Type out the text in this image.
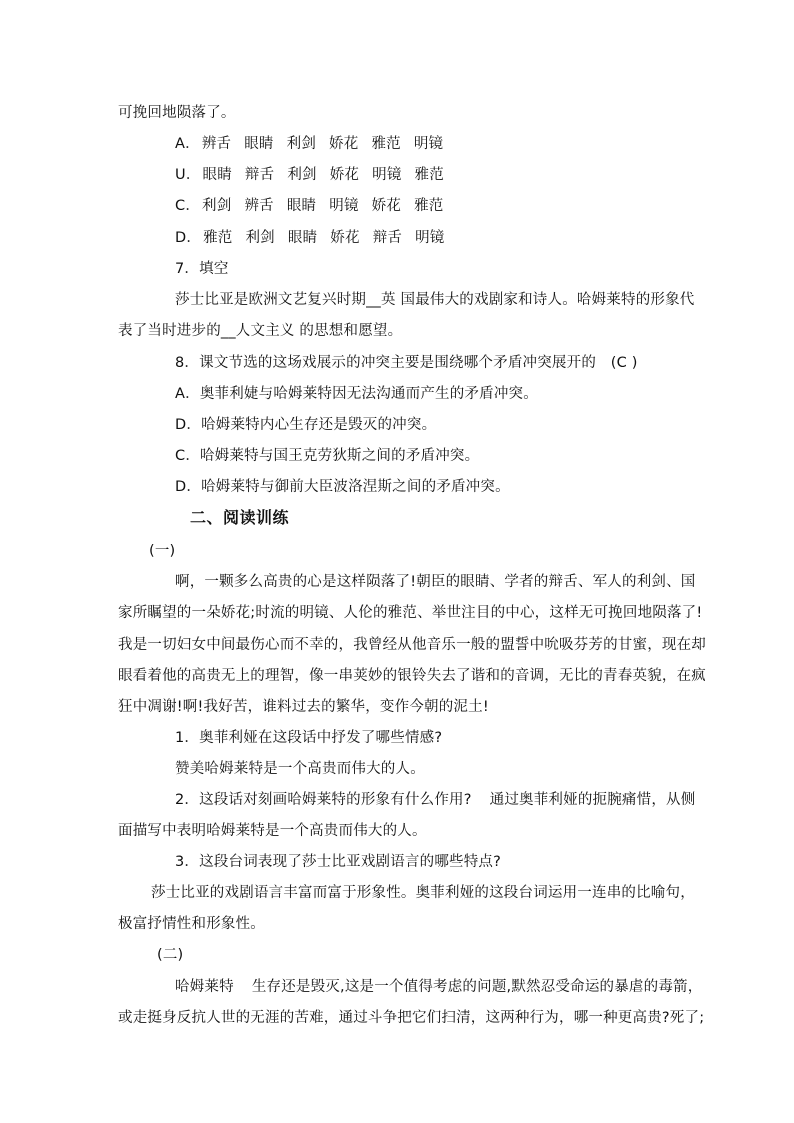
可挽回地陨落了。
A． 辨舌 眼睛 利剑 娇花 雅范 明镜
U． 眼睛 辩舌 利剑 娇花 明镜 雅范
C． 利剑 辨舌 眼睛 明镜 娇花 雅范
D． 雅范 利剑 眼睛 娇花 辩舌 明镜
7．填空
莎士比亚是欧洲文艺复兴时期__英 国最伟大的戏剧家和诗人。哈姆莱特的形象代
表了当时进步的__人文主义 的思想和愿望。
8．课文节选的这场戏展示的冲突主要是围绕哪个矛盾冲突展开的　(C )
A．奥菲利婕与哈姆莱特因无法沟通而产生的矛盾冲突。
D．哈姆莱特内心生存还是毁灭的冲突。
C．哈姆莱特与国王克劳狄斯之间的矛盾冲突。
D．哈姆莱特与御前大臣波洛涅斯之间的矛盾冲突。
二、阅读训练
(一)
啊，一颗多么高贵的心是这样陨落了!朝臣的眼睛、学者的辩舌、军人的利剑、国
家所瞩望的一朵娇花;时流的明镜、人伦的雅范、举世注目的中心，这样无可挽回地陨落了!
我是一切妇女中间最伤心而不幸的，我曾经从他音乐一般的盟誓中吮吸芬芳的甘蜜，现在却
眼看着他的高贵无上的理智，像一串荚妙的银铃失去了谐和的音调，无比的青春英貌，在疯
狂中凋谢!啊!我好苦，谁料过去的繁华，变作今朝的泥土!
1．奥菲利娅在这段话中抒发了哪些情感?
赞美哈姆莱特是一个高贵而伟大的人。
2．这段话对刻画哈姆莱特的形象有什么作用? 通过奥菲利娅的扼腕痛惜，从侧
面描写中表明哈姆莱特是一个高贵而伟大的人。
3．这段台词表现了莎士比亚戏剧语言的哪些特点?
莎士比亚的戏剧语言丰富而富于形象性。奥菲利娅的这段台词运用一连串的比喻句，
极富抒情性和形象性。
(二)
哈姆莱特 生存还是毁灭,这是一个值得考虑的问题,默然忍受命运的暴虐的毒箭，
或走挺身反抗人世的无涯的苦难，通过斗争把它们扫清，这两种行为，哪一种更高贵?死了;
